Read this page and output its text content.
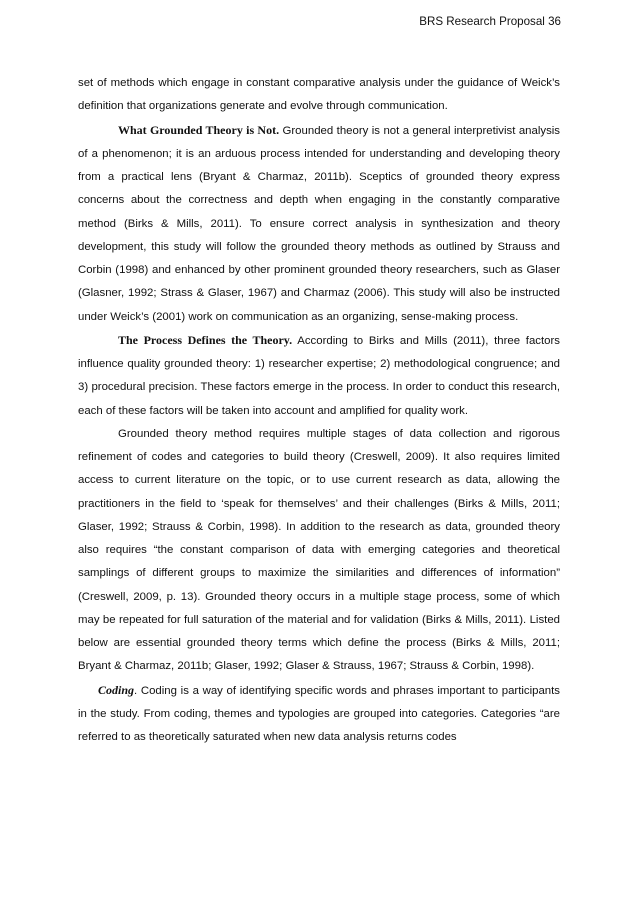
BRS Research Proposal 36

set of methods which engage in constant comparative analysis under the guidance of Weick’s definition that organizations generate and evolve through communication.

What Grounded Theory is Not. Grounded theory is not a general interpretivist analysis of a phenomenon; it is an arduous process intended for understanding and developing theory from a practical lens (Bryant & Charmaz, 2011b). Sceptics of grounded theory express concerns about the correctness and depth when engaging in the constantly comparative method (Birks & Mills, 2011). To ensure correct analysis in synthesization and theory development, this study will follow the grounded theory methods as outlined by Strauss and Corbin (1998) and enhanced by other prominent grounded theory researchers, such as Glaser (Glasner, 1992; Strass & Glaser, 1967) and Charmaz (2006). This study will also be instructed under Weick’s (2001) work on communication as an organizing, sense-making process.

The Process Defines the Theory. According to Birks and Mills (2011), three factors influence quality grounded theory: 1) researcher expertise; 2) methodological congruence; and 3) procedural precision. These factors emerge in the process. In order to conduct this research, each of these factors will be taken into account and amplified for quality work.

Grounded theory method requires multiple stages of data collection and rigorous refinement of codes and categories to build theory (Creswell, 2009). It also requires limited access to current literature on the topic, or to use current research as data, allowing the practitioners in the field to ‘speak for themselves’ and their challenges (Birks & Mills, 2011; Glaser, 1992; Strauss & Corbin, 1998). In addition to the research as data, grounded theory also requires “the constant comparison of data with emerging categories and theoretical samplings of different groups to maximize the similarities and differences of information” (Creswell, 2009, p. 13). Grounded theory occurs in a multiple stage process, some of which may be repeated for full saturation of the material and for validation (Birks & Mills, 2011). Listed below are essential grounded theory terms which define the process (Birks & Mills, 2011; Bryant & Charmaz, 2011b; Glaser, 1992; Glaser & Strauss, 1967; Strauss & Corbin, 1998).

Coding. Coding is a way of identifying specific words and phrases important to participants in the study. From coding, themes and typologies are grouped into categories. Categories “are referred to as theoretically saturated when new data analysis returns codes
